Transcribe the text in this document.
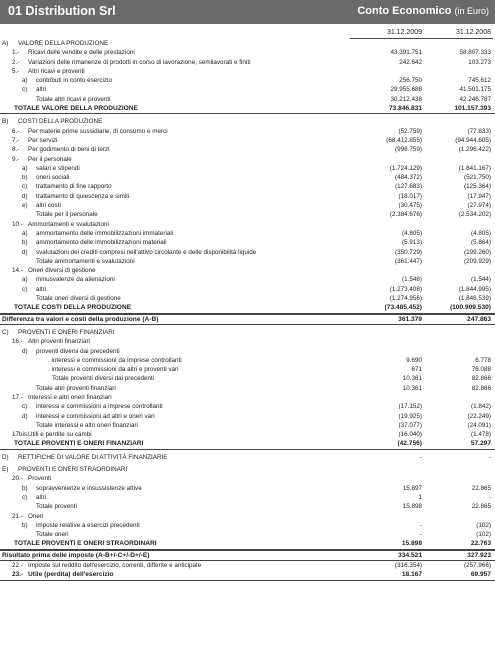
01 Distribution Srl	Conto Economico (in Euro)
31.12.2009	31.12.2008
A) VALORE DELLA PRODUZIONE
1.- Ricavi delle vendite e delle prestazioni	43.391.751	58.807.333
2.- Variazioni delle rimanenze di prodotti in corso di lavorazione, semilavorati e finiti	242.642	103.273
5.- Altri ricavi e proventi
a) contributi in conto esercizio	256.750	745.612
c) altri	29.955.688	41.501.175
Totale altri ricavi e proventi	30.212.438	42.246.787
TOTALE VALORE DELLA PRODUZIONE	73.846.831	101.157.393
B) COSTI DELLA PRODUZIONE
6.- Per materie prime sussidiarie, di consumo e merci	(52.759)	(77.833)
7.- Per servizi	(68.412.855)	(94.944.605)
8.- Per godimento di beni di terzi	(998.759)	(1.296.422)
9.- Per il personale
a) salari e stipendi	(1.724.129)	(1.841.167)
b) oneri sociali	(484.372)	(521.750)
c) trattamento di fine rapporto	(127.683)	(125.364)
d) trattamento di quiescenza e simili	(18.017)	(17.947)
e) altri costi	(30.475)	(27.974)
Totale per il personale	(2.384.676)	(2.534.202)
10.- Ammortamenti e svalutazioni
a) ammortamento delle immobilizzazioni immateriali	(4.805)	(4.805)
b) ammortamento delle immobilizzazioni materiali	(5.913)	(5.864)
d) svalutazioni dei crediti compresi nell'attivo circolante e delle disponibilità liquide	(350.729)	(199.260)
Totale ammortamenti e svalutazioni	(361.447)	(209.929)
14.- Oneri diversi di gestione
a) minusvalenze da alienazioni	(1.548)	(1.544)
c) altri	(1.273.408)	(1.844.995)
Totale oneri diversi di gestione	(1.274.956)	(1.846.539)
TOTALE COSTI DELLA PRODUZIONE	(73.485.452)	(100.909.530)
Differenza tra valori e costi della produzione (A-B)	361.379	247.863
C) PROVENTI E ONERI FINANZIARI
16.- Altri proventi finanziari
d) proventi diversi dai precedenti
. interessi e commissioni da imprese controllanti	9.690	6.778
. interessi e commissioni da altri e proventi vari	671	76.088
Totale proventi diversi dai precedenti	10.361	82.866
Totale altri proventi finanziari	10.361	82.866
17.- Interessi e altri oneri finanziari
c) interessi e commissioni a imprese controllanti	(17.152)	(1.842)
d) interessi e commissioni ad altri e oneri vari	(19.925)	(22.249)
Totale interessi e altri oneri finanziari	(37.077)	(24.091)
17bis. Utili e perdite su cambi	(16.040)	(1.478)
TOTALE PROVENTI E ONERI FINANZIARI	(42.756)	57.297
D) RETTIFICHE DI VALORE DI ATTIVITÀ FINANZIARIE	-	-
E) PROVENTI E ONERI STRAORDINARI
20.- Proventi
b) sopravvenienze e insussistenze attive	15.897	22.865
c) altri	1	-
Totale proventi	15.898	22.865
21.- Oneri
b) imposte relative a esercizi precedenti	-	(102)
Totale oneri	-	(102)
TOTALE PROVENTI E ONERI STRAORDINARI	15.898	22.763
Risultato prima delle imposte (A-B+/-C+/-D+/-E)	334.521	327.923
22.- Imposte sul reddito dell'esercizio, correnti, differite e anticipate	(316.354)	(257.966)
23.- Utile (perdita) dell'esercizio	18.167	69.957
